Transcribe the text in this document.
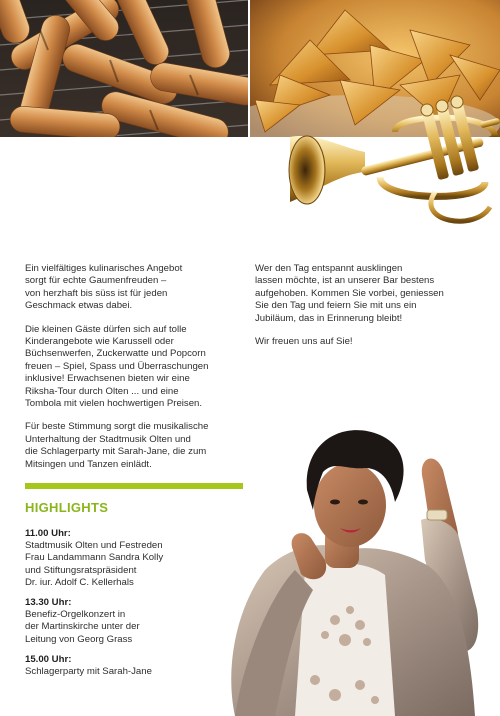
Ein vielfältiges kulinarisches Angebot
sorgt für echte Gaumenfreuden –
von herzhaft bis süss ist für jeden
Geschmack etwas dabei.

Die kleinen Gäste dürfen sich auf tolle
Kinderangebote wie Karussell oder
Büchsenwerfen, Zuckerwatte und Popcorn
freuen – Spiel, Spass und Überraschungen
inklusive! Erwachsenen bieten wir eine
Riksha-Tour durch Olten ... und eine
Tombola mit vielen hochwertigen Preisen.

Für beste Stimmung sorgt die musikalische
Unterhaltung der Stadtmusik Olten und
die Schlagerparty mit Sarah-Jane, die zum
Mitsingen und Tanzen einlädt.

Wer den Tag entspannt ausklingen
lassen möchte, ist an unserer Bar bestens
aufgehoben. Kommen Sie vorbei, geniessen
Sie den Tag und feiern Sie mit uns ein
Jubiläum, das in Erinnerung bleibt!

Wir freuen uns auf Sie!

HIGHLIGHTS
11.00 Uhr:
Stadtmusik Olten und Festreden
Frau Landammann Sandra Kolly
und Stiftungsratspräsident
Dr. iur. Adolf C. Kellerhals
13.30 Uhr:
Benefiz-Orgelkonzert in
der Martinskirche unter der
Leitung von Georg Grass
15.00 Uhr:
Schlagerparty mit Sarah-Jane
